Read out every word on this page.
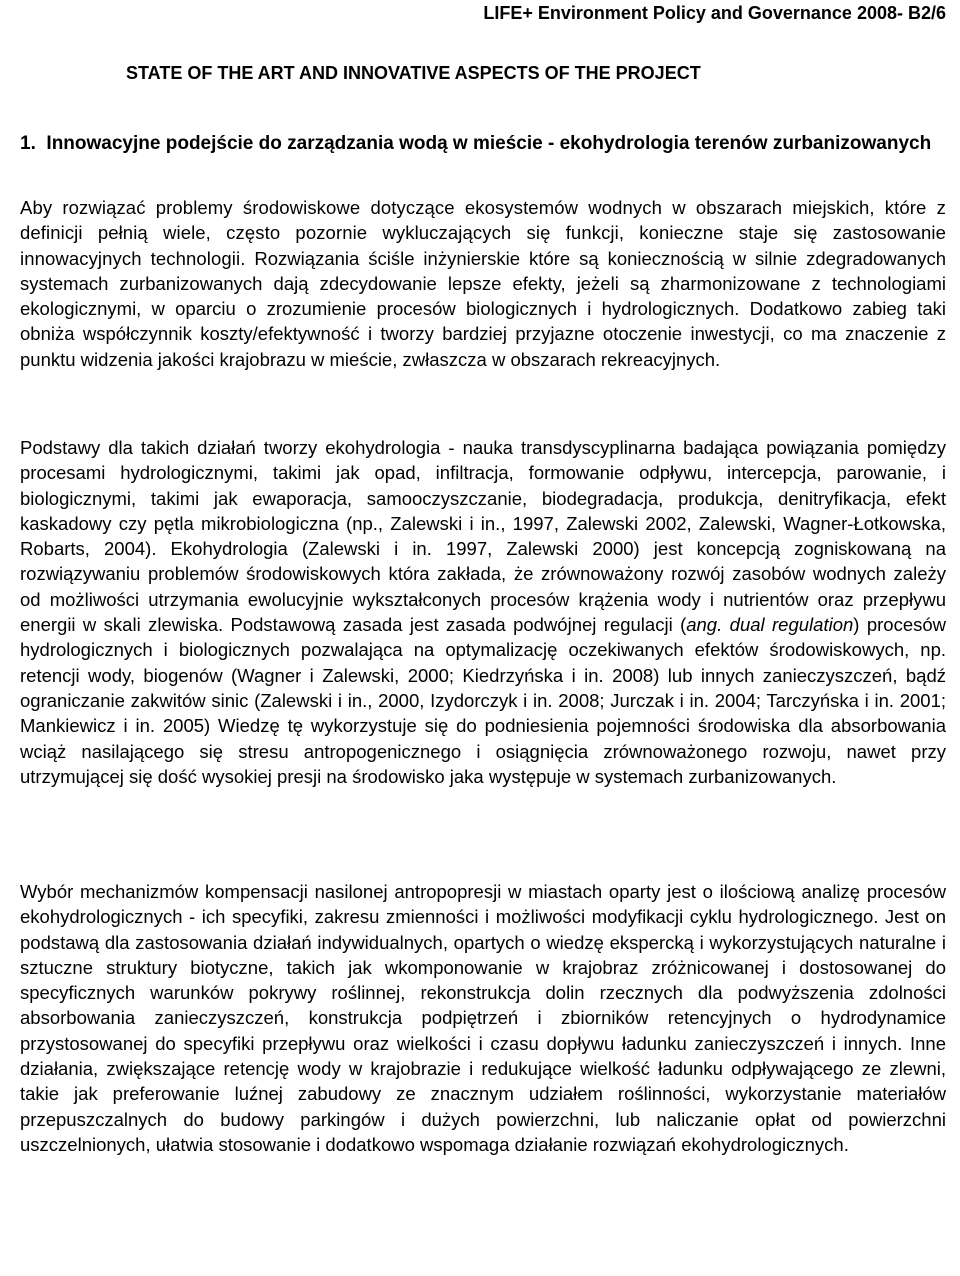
LIFE+ Environment Policy and Governance 2008- B2/6
STATE OF THE ART AND INNOVATIVE ASPECTS OF THE PROJECT
1. Innowacyjne podejście do zarządzania wodą w mieście - ekohydrologia terenów zurbanizowanych
Aby rozwiązać problemy środowiskowe dotyczące ekosystemów wodnych w obszarach miejskich, które z definicji pełnią wiele, często pozornie wykluczających się funkcji, konieczne staje się zastosowanie innowacyjnych technologii. Rozwiązania ściśle inżynierskie które są koniecznością w silnie zdegradowanych systemach zurbanizowanych dają zdecydowanie lepsze efekty, jeżeli są zharmonizowane z technologiami ekologicznymi, w oparciu o zrozumienie procesów biologicznych i hydrologicznych. Dodatkowo zabieg taki obniża współczynnik koszty/efektywność i tworzy bardziej przyjazne otoczenie inwestycji, co ma znaczenie z punktu widzenia jakości krajobrazu w mieście, zwłaszcza w obszarach rekreacyjnych.
Podstawy dla takich działań tworzy ekohydrologia - nauka transdyscyplinarna badająca powiązania pomiędzy procesami hydrologicznymi, takimi jak opad, infiltracja, formowanie odpływu, intercepcja, parowanie, i biologicznymi, takimi jak ewaporacja, samooczyszczanie, biodegradacja, produkcja, denitryfikacja, efekt kaskadowy czy pętla mikrobiologiczna (np., Zalewski i in., 1997, Zalewski 2002, Zalewski, Wagner-Łotkowska, Robarts, 2004). Ekohydrologia (Zalewski i in. 1997, Zalewski 2000) jest koncepcją zogniskowaną na rozwiązywaniu problemów środowiskowych która zakłada, że zrównoważony rozwój zasobów wodnych zależy od możliwości utrzymania ewolucyjnie wykształconych procesów krążenia wody i nutrientów oraz przepływu energii w skali zlewiska. Podstawową zasada jest zasada podwójnej regulacji (ang. dual regulation) procesów hydrologicznych i biologicznych pozwalająca na optymalizację oczekiwanych efektów środowiskowych, np. retencji wody, biogenów (Wagner i Zalewski, 2000; Kiedrzyńska i in. 2008) lub innych zanieczyszczeń, bądź ograniczanie zakwitów sinic (Zalewski i in., 2000, Izydorczyk i in. 2008; Jurczak i in. 2004; Tarczyńska i in. 2001; Mankiewicz i in. 2005) Wiedzę tę wykorzystuje się do podniesienia pojemności środowiska dla absorbowania wciąż nasilającego się stresu antropogenicznego i osiągnięcia zrównoważonego rozwoju, nawet przy utrzymującej się dość wysokiej presji na środowisko jaka występuje w systemach zurbanizowanych.
Wybór mechanizmów kompensacji nasilonej antropopresji w miastach oparty jest o ilościową analizę procesów ekohydrologicznych - ich specyfiki, zakresu zmienności i możliwości modyfikacji cyklu hydrologicznego. Jest on podstawą dla zastosowania działań indywidualnych, opartych o wiedzę ekspercką i wykorzystujących naturalne i sztuczne struktury biotyczne, takich jak wkomponowanie w krajobraz zróżnicowanej i dostosowanej do specyficznych warunków pokrywy roślinnej, rekonstrukcja dolin rzecznych dla podwyższenia zdolności absorbowania zanieczyszczeń, konstrukcja podpiętrzeń i zbiorników retencyjnych o hydrodynamice przystosowanej do specyfiki przepływu oraz wielkości i czasu dopływu ładunku zanieczyszczeń i innych. Inne działania, zwiększające retencję wody w krajobrazie i redukujące wielkość ładunku odpływającego ze zlewni, takie jak preferowanie luźnej zabudowy ze znacznym udziałem roślinności, wykorzystanie materiałów przepuszczalnych do budowy parkingów i dużych powierzchni, lub naliczanie opłat od powierzchni uszczelnionych, ułatwia stosowanie i dodatkowo wspomaga działanie rozwiązań ekohydrologicznych.
